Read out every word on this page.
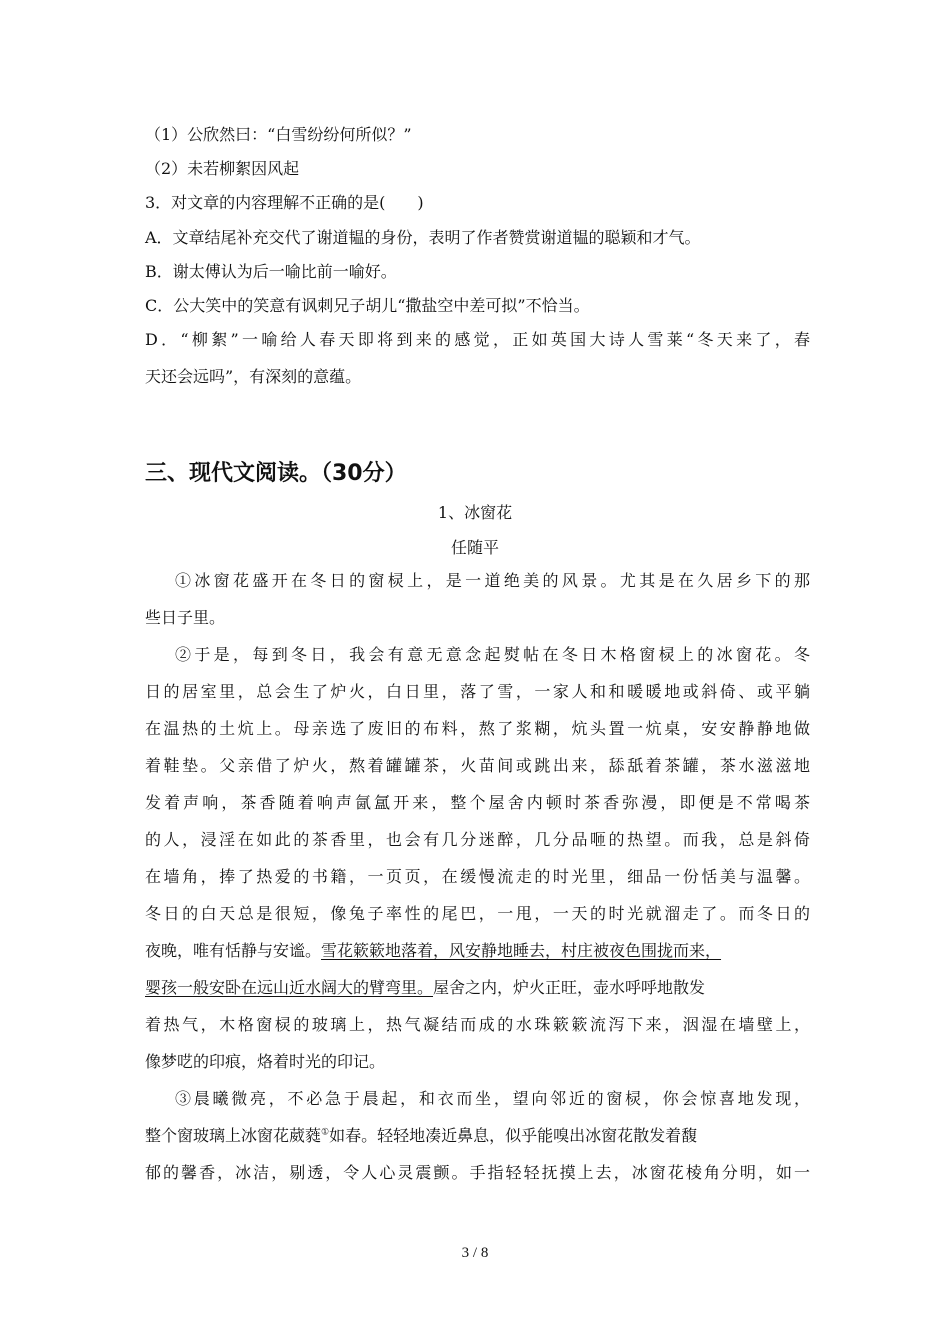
（1）公欣然曰：“白雪纷纷何所似？”
（2）未若柳絮因风起
3．对文章的内容理解不正确的是(　　)
A．文章结尾补充交代了谢道韫的身份，表明了作者赞赏谢道韫的聪颖和才气。
B．谢太傅认为后一喻比前一喻好。
C．公大笑中的笑意有讽刺兄子胡儿“撒盐空中差可拟”不恰当。
D．“柳絮”一喻给人春天即将到来的感觉，正如英国大诗人雪莱“冬天来了，春
天还会远吗”，有深刻的意蕴。
三、现代文阅读。（30分）
1、冰窗花
任随平
①冰窗花盛开在冬日的窗棂上，是一道绝美的风景。尤其是在久居乡下的那
些日子里。
②于是，每到冬日，我会有意无意念起熨帖在冬日木格窗棂上的冰窗花。冬
日的居室里，总会生了炉火，白日里，落了雪，一家人和和暖暖地或斜倚、或平躺
在温热的土炕上。母亲选了废旧的布料，熬了浆糊，炕头置一炕桌，安安静静地做
着鞋垫。父亲借了炉火，熬着罐罐茶，火苗间或跳出来，舔舐着茶罐，茶水滋滋地
发着声响，茶香随着响声氤氲开来，整个屋舍内顿时茶香弥漫，即便是不常喝茶
的人，浸淫在如此的茶香里，也会有几分迷醉，几分品咂的热望。而我，总是斜倚
在墙角，捧了热爱的书籍，一页页，在缓慢流走的时光里，细品一份恬美与温馨。
冬日的白天总是很短，像兔子率性的尾巴，一甩，一天的时光就溜走了。而冬日的
夜晚，唯有恬静与安谧。雪花簌簌地落着，风安静地睡去，村庄被夜色围拢而来，
婴孩一般安卧在远山近水阔大的臂弯里。屋舍之内，炉火正旺，壶水呼呼地散发
着热气，木格窗棂的玻璃上，热气凝结而成的水珠簌簌流泻下来，洇湿在墙壁上，
像梦呓的印痕，烙着时光的印记。
③晨曦微亮，不必急于晨起，和衣而坐，望向邻近的窗棂，你会惊喜地发现，
整个窗玻璃上冰窗花葳蕤①如春。轻轻地凑近鼻息，似乎能嗅出冰窗花散发着馥
郁的馨香，冰洁，剔透，令人心灵震颤。手指轻轻抚摸上去，冰窗花棱角分明，如一
3 / 8
